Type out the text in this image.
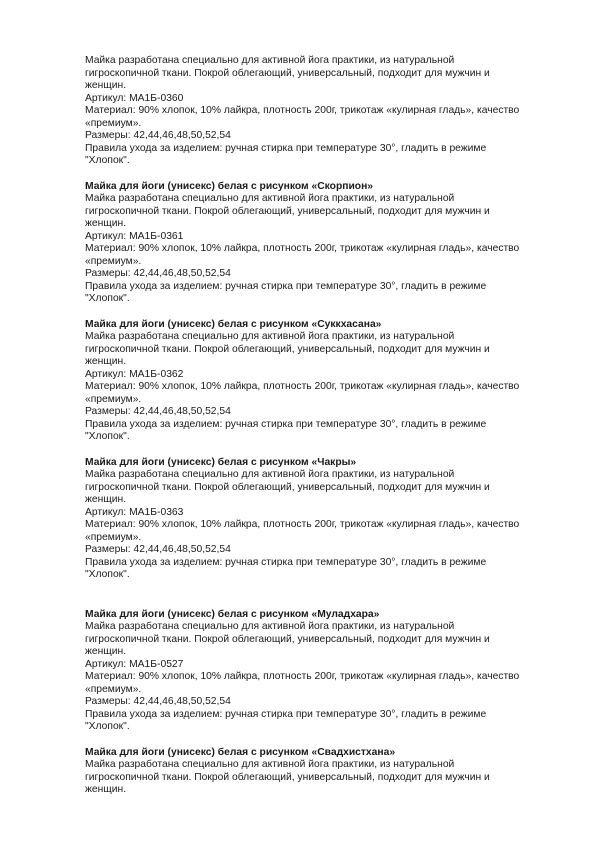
Майка разработана специально для активной йога практики, из натуральной
гигроскопичной ткани. Покрой облегающий, универсальный, подходит для мужчин и
женщин.
Артикул: МА1Б-0360
Материал: 90% хлопок, 10% лайкра, плотность 200г, трикотаж «кулирная гладь», качество
«премиум».
Размеры: 42,44,46,48,50,52,54
Правила ухода за изделием: ручная стирка при температуре 30°, гладить в режиме
"Хлопок".
Майка для йоги (унисекс) белая с рисунком «Скорпион»
Майка разработана специально для активной йога практики, из натуральной
гигроскопичной ткани. Покрой облегающий, универсальный, подходит для мужчин и
женщин.
Артикул: МА1Б-0361
Материал: 90% хлопок, 10% лайкра, плотность 200г, трикотаж «кулирная гладь», качество
«премиум».
Размеры: 42,44,46,48,50,52,54
Правила ухода за изделием: ручная стирка при температуре 30°, гладить в режиме
"Хлопок".
Майка для йоги (унисекс) белая с рисунком «Суккхасана»
Майка разработана специально для активной йога практики, из натуральной
гигроскопичной ткани. Покрой облегающий, универсальный, подходит для мужчин и
женщин.
Артикул: МА1Б-0362
Материал: 90% хлопок, 10% лайкра, плотность 200г, трикотаж «кулирная гладь», качество
«премиум».
Размеры: 42,44,46,48,50,52,54
Правила ухода за изделием: ручная стирка при температуре 30°, гладить в режиме
"Хлопок".
Майка для йоги (унисекс) белая с рисунком «Чакры»
Майка разработана специально для активной йога практики, из натуральной
гигроскопичной ткани. Покрой облегающий, универсальный, подходит для мужчин и
женщин.
Артикул: МА1Б-0363
Материал: 90% хлопок, 10% лайкра, плотность 200г, трикотаж «кулирная гладь», качество
«премиум».
Размеры: 42,44,46,48,50,52,54
Правила ухода за изделием: ручная стирка при температуре 30°, гладить в режиме
"Хлопок".
Майка для йоги (унисекс) белая с рисунком «Муладхара»
Майка разработана специально для активной йога практики, из натуральной
гигроскопичной ткани. Покрой облегающий, универсальный, подходит для мужчин и
женщин.
Артикул: МА1Б-0527
Материал: 90% хлопок, 10% лайкра, плотность 200г, трикотаж «кулирная гладь», качество
«премиум».
Размеры: 42,44,46,48,50,52,54
Правила ухода за изделием: ручная стирка при температуре 30°, гладить в режиме
"Хлопок".
Майка для йоги (унисекс) белая с рисунком «Свадхистхана»
Майка разработана специально для активной йога практики, из натуральной
гигроскопичной ткани. Покрой облегающий, универсальный, подходит для мужчин и
женщин.
